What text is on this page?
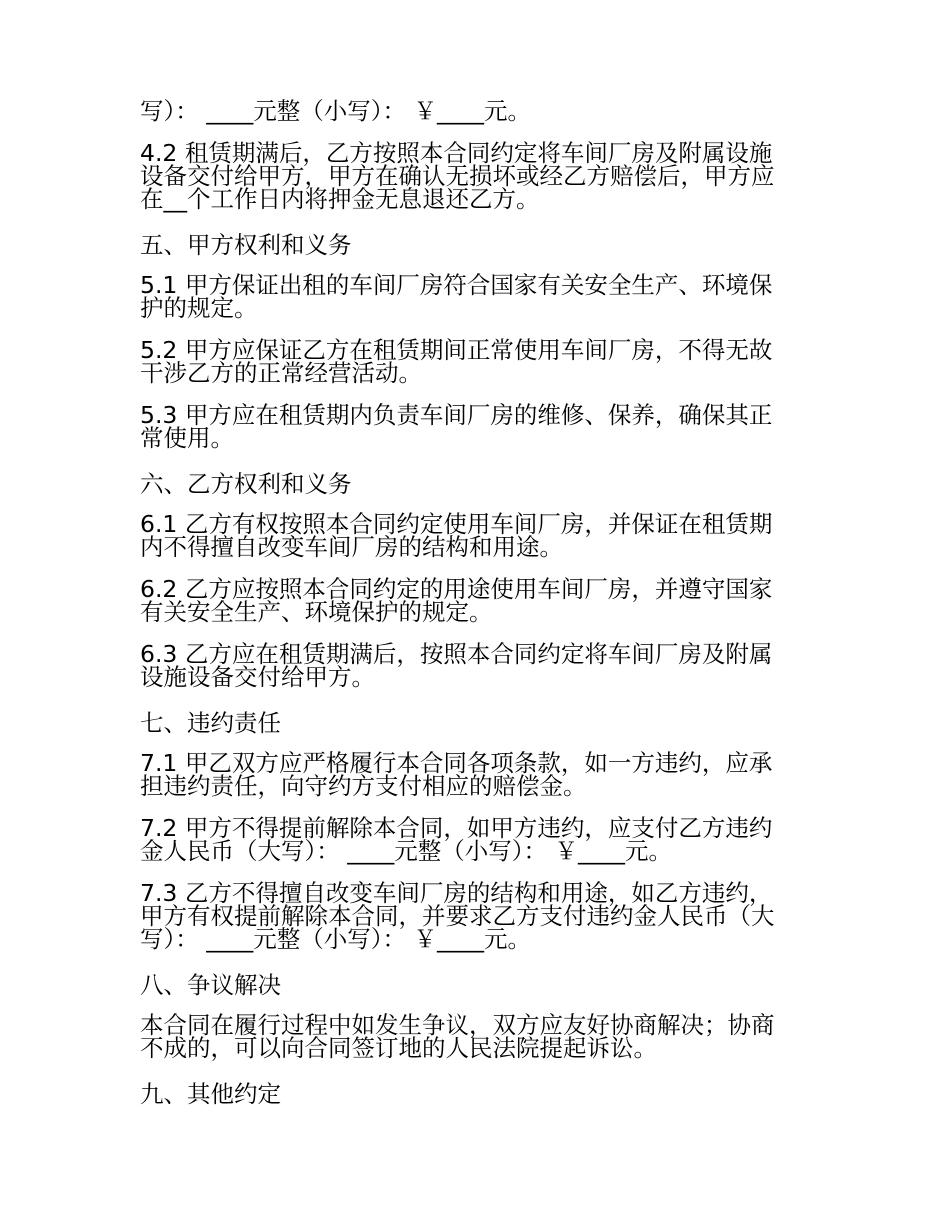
写）： ____元整（小写）： ￥____元。
4.2 租赁期满后，乙方按照本合同约定将车间厂房及附属设施
设备交付给甲方，甲方在确认无损坏或经乙方赔偿后，甲方应
在__个工作日内将押金无息退还乙方。
五、甲方权利和义务
5.1 甲方保证出租的车间厂房符合国家有关安全生产、环境保
护的规定。
5.2 甲方应保证乙方在租赁期间正常使用车间厂房，不得无故
干涉乙方的正常经营活动。
5.3 甲方应在租赁期内负责车间厂房的维修、保养，确保其正
常使用。
六、乙方权利和义务
6.1 乙方有权按照本合同约定使用车间厂房，并保证在租赁期
内不得擅自改变车间厂房的结构和用途。
6.2 乙方应按照本合同约定的用途使用车间厂房，并遵守国家
有关安全生产、环境保护的规定。
6.3 乙方应在租赁期满后，按照本合同约定将车间厂房及附属
设施设备交付给甲方。
七、违约责任
7.1 甲乙双方应严格履行本合同各项条款，如一方违约，应承
担违约责任，向守约方支付相应的赔偿金。
7.2 甲方不得提前解除本合同，如甲方违约，应支付乙方违约
金人民币（大写）： ____元整（小写）： ￥____元。
7.3 乙方不得擅自改变车间厂房的结构和用途，如乙方违约，
甲方有权提前解除本合同，并要求乙方支付违约金人民币（大
写）： ____元整（小写）： ￥____元。
八、争议解决
本合同在履行过程中如发生争议，双方应友好协商解决；协商
不成的，可以向合同签订地的人民法院提起诉讼。
九、其他约定
